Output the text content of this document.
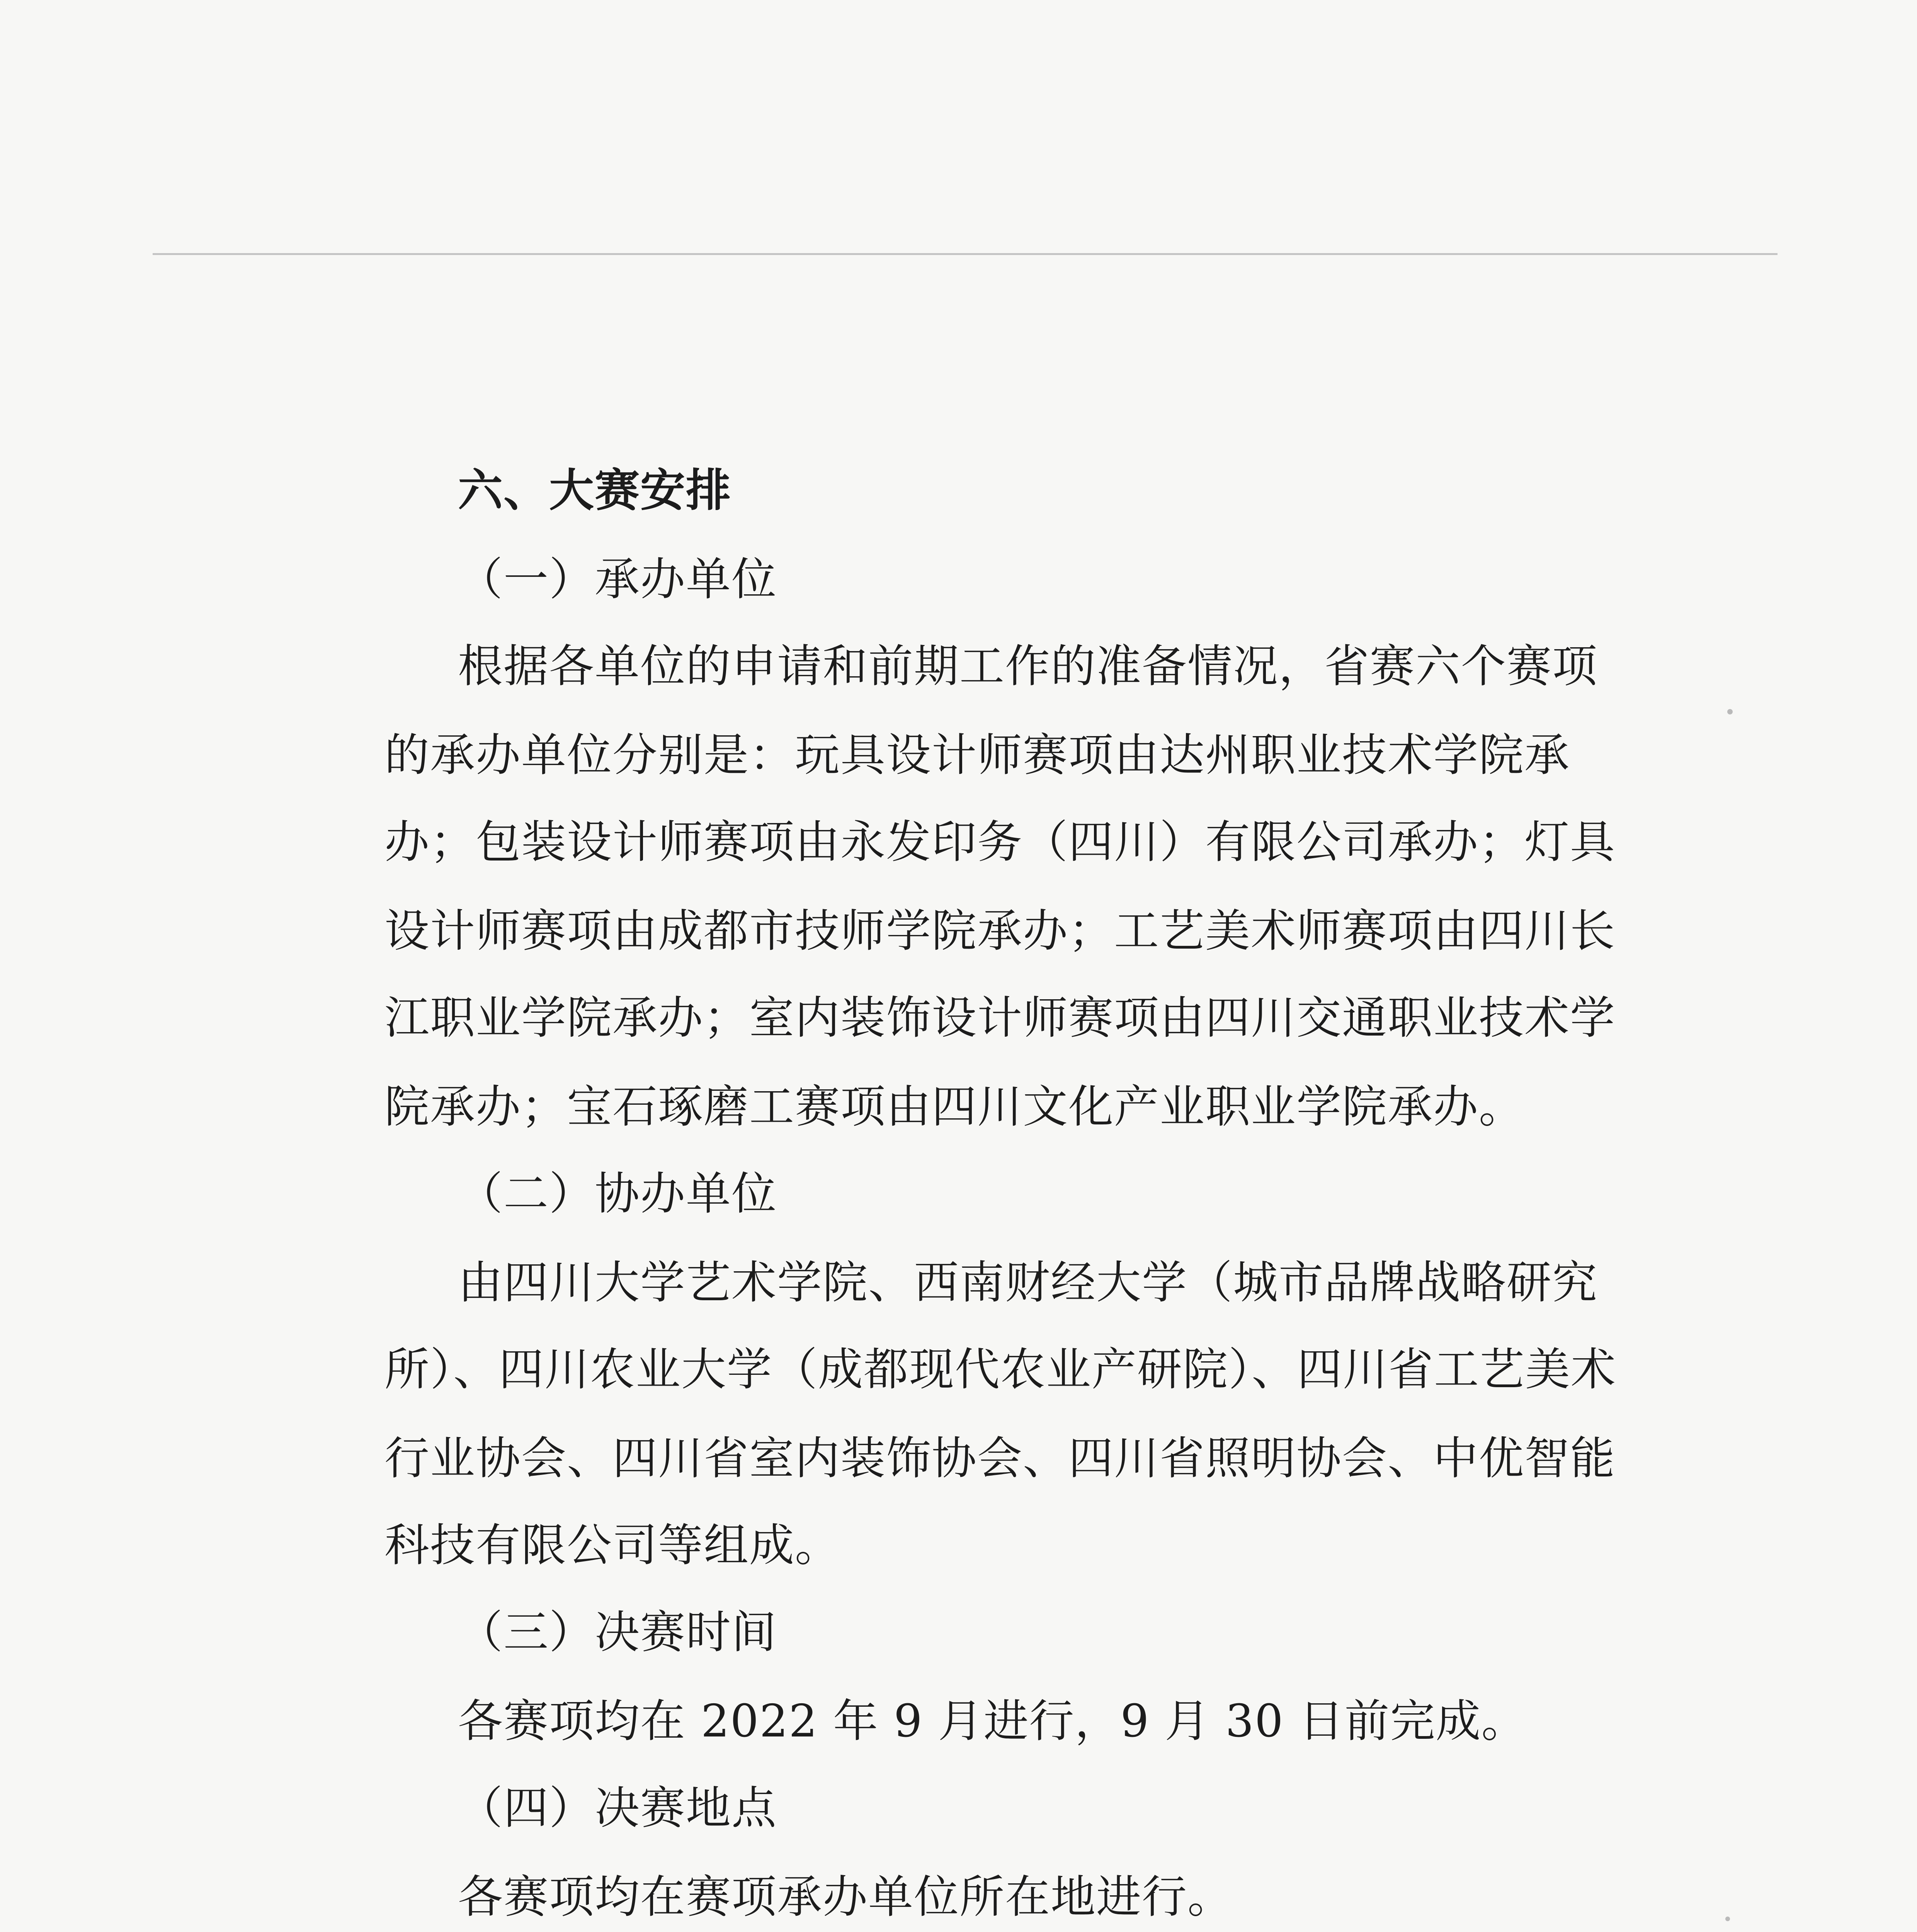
六、大赛安排
（一）承办单位
根据各单位的申请和前期工作的准备情况，省赛六个赛项
的承办单位分别是：玩具设计师赛项由达州职业技术学院承
办；包装设计师赛项由永发印务（四川）有限公司承办；灯具
设计师赛项由成都市技师学院承办；工艺美术师赛项由四川长
江职业学院承办；室内装饰设计师赛项由四川交通职业技术学
院承办；宝石琢磨工赛项由四川文化产业职业学院承办。
（二）协办单位
由四川大学艺术学院、西南财经大学（城市品牌战略研究
所）、四川农业大学（成都现代农业产研院）、四川省工艺美术
行业协会、四川省室内装饰协会、四川省照明协会、中优智能
科技有限公司等组成。
（三）决赛时间
各赛项均在 2022 年 9 月进行，9 月 30 日前完成。
（四）决赛地点
各赛项均在赛项承办单位所在地进行。
